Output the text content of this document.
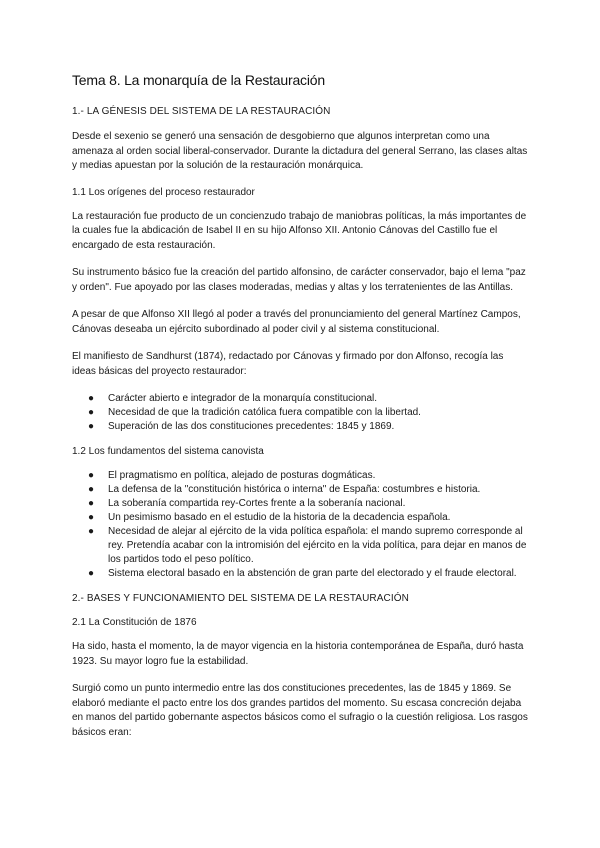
Tema 8. La monarquía de la Restauración
1.- LA GÉNESIS DEL SISTEMA DE LA RESTAURACIÓN
Desde el sexenio se generó una sensación de desgobierno que algunos interpretan como una amenaza al orden social liberal-conservador. Durante la dictadura del general Serrano, las clases altas y medias apuestan por la solución de la restauración monárquica.
1.1 Los orígenes del proceso restaurador
La restauración fue producto de un concienzudo trabajo de maniobras políticas, la más importantes de la cuales fue la abdicación de Isabel II en su hijo Alfonso XII. Antonio Cánovas del Castillo fue el encargado de esta restauración.
Su instrumento básico fue la creación del partido alfonsino, de carácter conservador, bajo el lema "paz y orden". Fue apoyado por las clases moderadas, medias y altas y los terratenientes de las Antillas.
A pesar de que Alfonso XII llegó al poder a través del pronunciamiento del general Martínez Campos, Cánovas deseaba un ejército subordinado al poder civil y al sistema constitucional.
El manifiesto de Sandhurst (1874), redactado por Cánovas y firmado por don Alfonso, recogía las ideas básicas del proyecto restaurador:
● Carácter abierto e integrador de la monarquía constitucional.
● Necesidad de que la tradición católica fuera compatible con la libertad.
● Superación de las dos constituciones precedentes: 1845 y 1869.
1.2 Los fundamentos del sistema canovista
● El pragmatismo en política, alejado de posturas dogmáticas.
● La defensa de la "constitución histórica o interna" de España: costumbres e historia.
● La soberanía compartida rey-Cortes frente a la soberanía nacional.
● Un pesimismo basado en el estudio de la historia de la decadencia española.
● Necesidad de alejar al ejército de la vida política española: el mando supremo corresponde al rey. Pretendía acabar con la intromisión del ejército en la vida política, para dejar en manos de los partidos todo el peso político.
● Sistema electoral basado en la abstención de gran parte del electorado y el fraude electoral.
2.- BASES Y FUNCIONAMIENTO DEL SISTEMA DE LA RESTAURACIÓN
2.1 La Constitución de 1876
Ha sido, hasta el momento, la de mayor vigencia en la historia contemporánea de España, duró hasta 1923. Su mayor logro fue la estabilidad.
Surgió como un punto intermedio entre las dos constituciones precedentes, las de 1845 y 1869. Se elaboró mediante el pacto entre los dos grandes partidos del momento. Su escasa concreción dejaba en manos del partido gobernante aspectos básicos como el sufragio o la cuestión religiosa. Los rasgos básicos eran:
